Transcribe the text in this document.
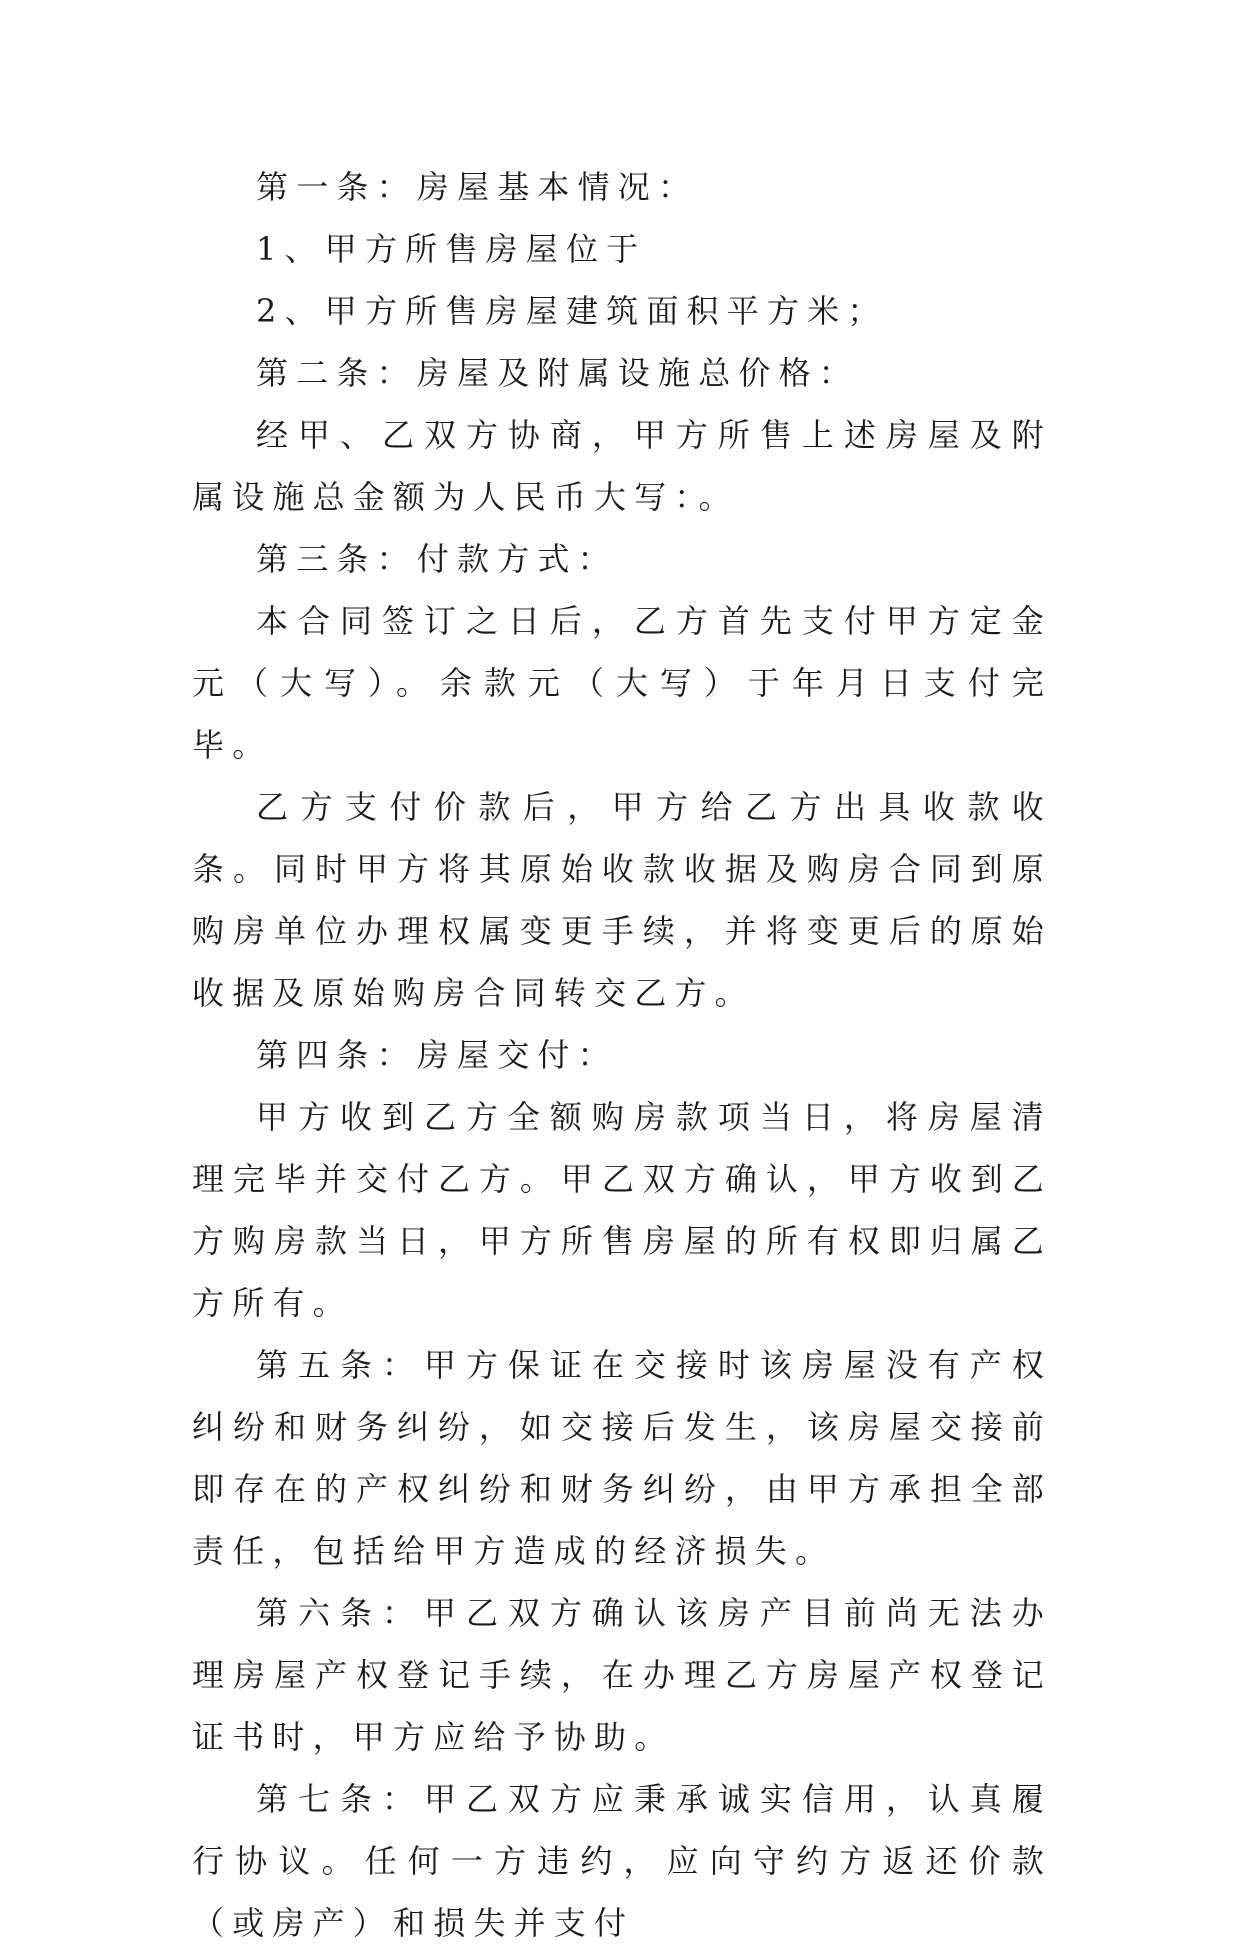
第一条：房屋基本情况：

1、甲方所售房屋位于

2、甲方所售房屋建筑面积平方米；

第二条：房屋及附属设施总价格：

经甲、乙双方协商，甲方所售上述房屋及附属设施总金额为人民币大写：。

第三条：付款方式：

本合同签订之日后，乙方首先支付甲方定金元（大写）。余款元（大写）于年月日支付完毕。

乙方支付价款后，甲方给乙方出具收款收条。同时甲方将其原始收款收据及购房合同到原购房单位办理权属变更手续，并将变更后的原始收据及原始购房合同转交乙方。

第四条：房屋交付：

甲方收到乙方全额购房款项当日，将房屋清理完毕并交付乙方。甲乙双方确认，甲方收到乙方购房款当日，甲方所售房屋的所有权即归属乙方所有。

第五条：甲方保证在交接时该房屋没有产权纠纷和财务纠纷，如交接后发生，该房屋交接前即存在的产权纠纷和财务纠纷，由甲方承担全部责任，包括给甲方造成的经济损失。

第六条：甲乙双方确认该房产目前尚无法办理房屋产权登记手续，在办理乙方房屋产权登记证书时，甲方应给予协助。

第七条：甲乙双方应秉承诚实信用，认真履行协议。任何一方违约，应向守约方返还价款（或房产）和损失并支付
